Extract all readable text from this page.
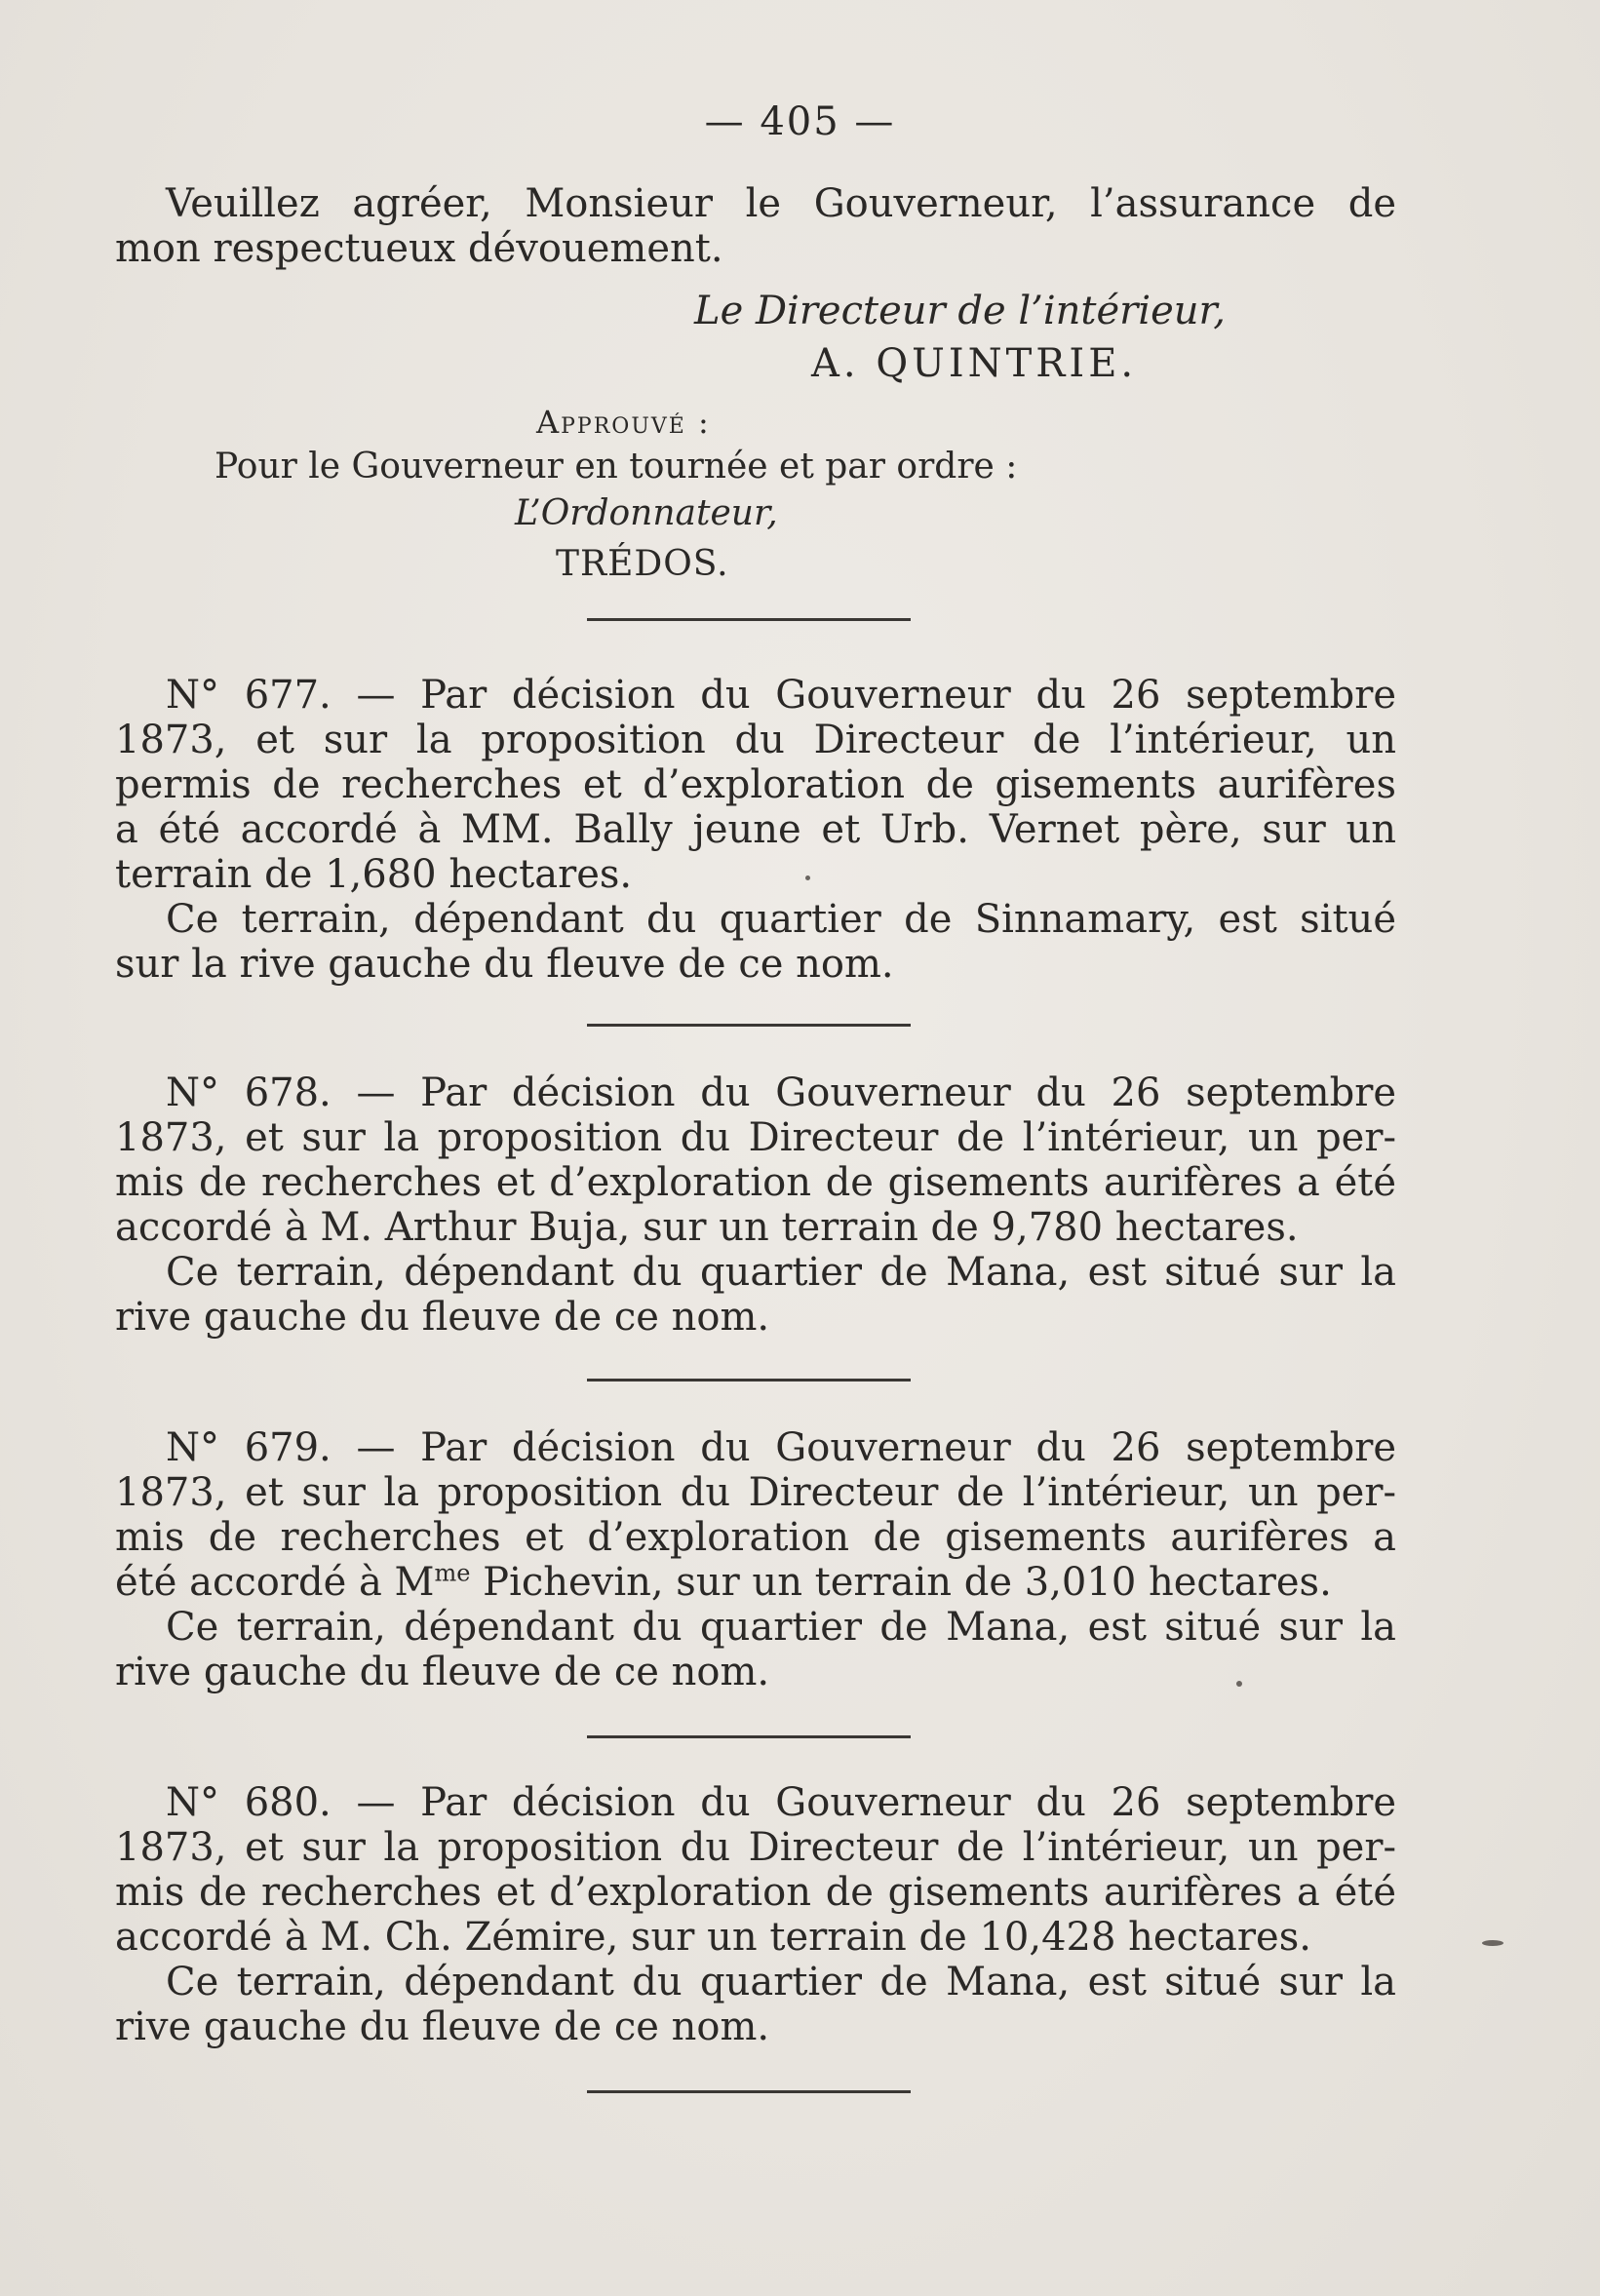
— 405 —
Veuillez agréer, Monsieur le Gouverneur, l’assurance de
mon respectueux dévouement.
Le Directeur de l’intérieur,
A. QUINTRIE.
Approuvé :
Pour le Gouverneur en tournée et par ordre :
L’Ordonnateur,
TRÉDOS.
N° 677. — Par décision du Gouverneur du 26 septembre
1873, et sur la proposition du Directeur de l’intérieur, un
permis de recherches et d’exploration de gisements aurifères
a été accordé à MM. Bally jeune et Urb. Vernet père, sur un
terrain de 1,680 hectares.
Ce terrain, dépendant du quartier de Sinnamary, est situé
sur la rive gauche du fleuve de ce nom.
N° 678. — Par décision du Gouverneur du 26 septembre
1873, et sur la proposition du Directeur de l’intérieur, un per-
mis de recherches et d’exploration de gisements aurifères a été
accordé à M. Arthur Buja, sur un terrain de 9,780 hectares.
Ce terrain, dépendant du quartier de Mana, est situé sur la
rive gauche du fleuve de ce nom.
N° 679. — Par décision du Gouverneur du 26 septembre
1873, et sur la proposition du Directeur de l’intérieur, un per-
mis de recherches et d’exploration de gisements aurifères a
été accordé à $M^{me}$ Pichevin, sur un terrain de 3,010 hectares.
Ce terrain, dépendant du quartier de Mana, est situé sur la
rive gauche du fleuve de ce nom.
N° 680. — Par décision du Gouverneur du 26 septembre
1873, et sur la proposition du Directeur de l’intérieur, un per-
mis de recherches et d’exploration de gisements aurifères a été
accordé à M. Ch. Zémire, sur un terrain de 10,428 hectares.
Ce terrain, dépendant du quartier de Mana, est situé sur la
rive gauche du fleuve de ce nom.
